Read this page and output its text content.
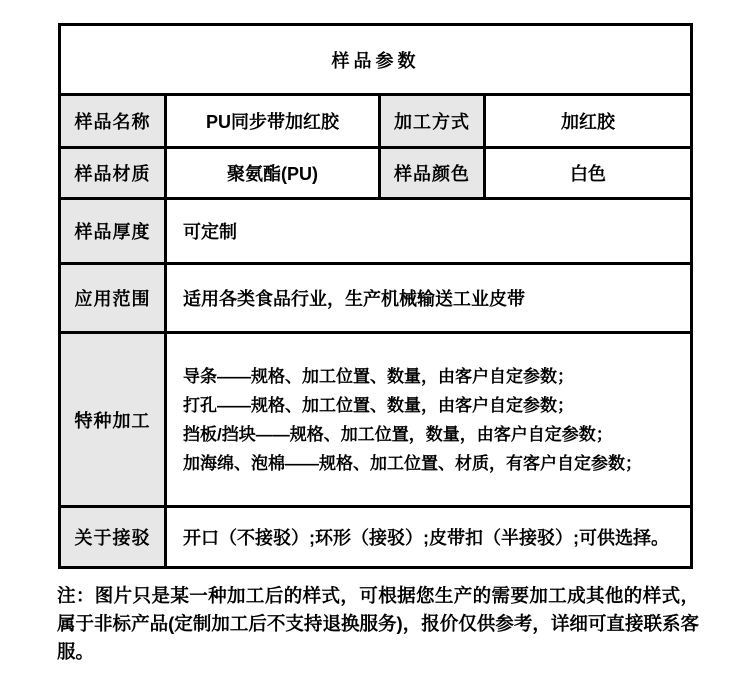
样品参数			
样品名称	PU同步带加红胶	加工方式	加红胶
样品材质	聚氨酯(PU)	样品颜色	白色
样品厚度	可定制		
应用范围	适用各类食品行业，生产机械输送工业皮带		
特种加工	导条——规格、加工位置、数量，由客户自定参数；
打孔——规格、加工位置、数量，由客户自定参数；
挡板/挡块——规格、加工位置，数量，由客户自定参数；
加海绵、泡棉——规格、加工位置、材质，有客户自定参数；		

关于接驳	开口（不接驳）;环形（接驳）;皮带扣（半接驳）;可供选择。		

注：图片只是某一种加工后的样式，可根据您生产的需要加工成其他的样式，属于非标产品(定制加工后不支持退换服务)，报价仅供参考，详细可直接联系客服。
